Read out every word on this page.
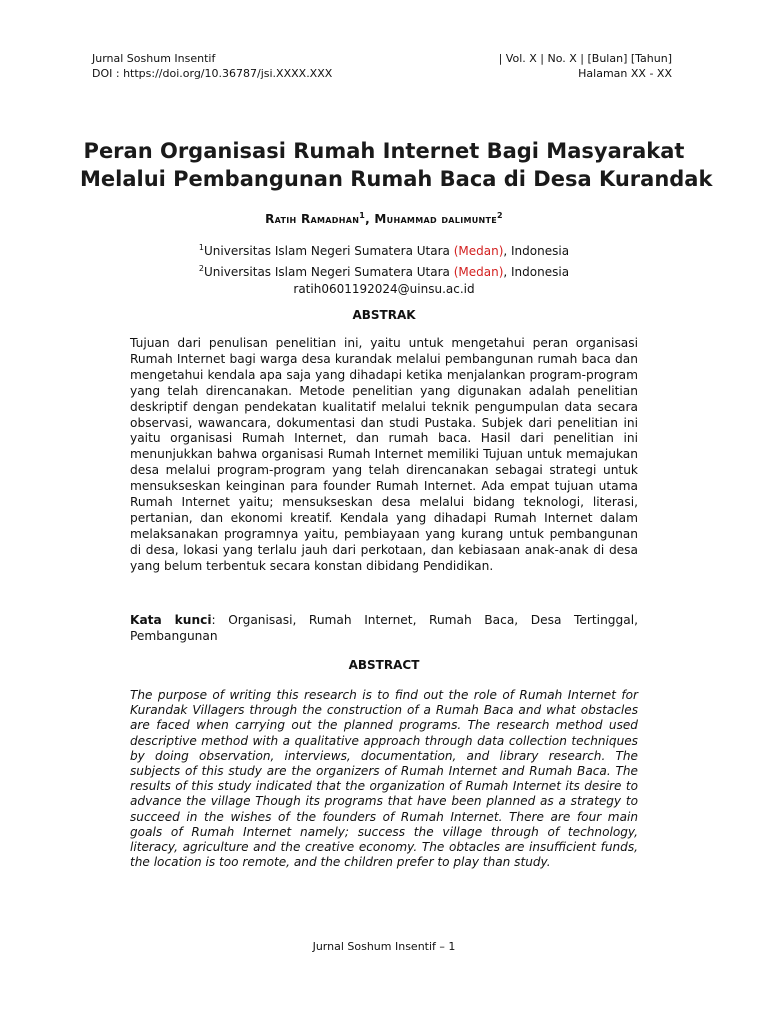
Jurnal Soshum Insentif
DOI : https://doi.org/10.36787/jsi.XXXX.XXX
| Vol. X | No. X | [Bulan] [Tahun]
Halaman XX - XX
Peran Organisasi Rumah Internet Bagi Masyarakat
Melalui Pembangunan Rumah Baca di Desa Kurandak
Ratih Ramadhan$^1$, Muhammad dalimunte$^2$
$^1$Universitas Islam Negeri Sumatera Utara (Medan), Indonesia
$^2$Universitas Islam Negeri Sumatera Utara (Medan), Indonesia
ratih0601192024@uinsu.ac.id
ABSTRAK
Tujuan dari penulisan penelitian ini, yaitu untuk mengetahui peran organisasi Rumah Internet bagi warga desa kurandak melalui pembangunan rumah baca dan mengetahui kendala apa saja yang dihadapi ketika menjalankan program-program yang telah direncanakan. Metode penelitian yang digunakan adalah penelitian deskriptif dengan pendekatan kualitatif melalui teknik pengumpulan data secara observasi, wawancara, dokumentasi dan studi Pustaka. Subjek dari penelitian ini yaitu organisasi Rumah Internet, dan rumah baca. Hasil dari penelitian ini menunjukkan bahwa organisasi Rumah Internet memiliki Tujuan untuk memajukan desa melalui program-program yang telah direncanakan sebagai strategi untuk mensukseskan keinginan para founder Rumah Internet. Ada empat tujuan utama Rumah Internet yaitu; mensukseskan desa melalui bidang teknologi, literasi, pertanian, dan ekonomi kreatif. Kendala yang dihadapi Rumah Internet dalam melaksanakan programnya yaitu, pembiayaan yang kurang untuk pembangunan di desa, lokasi yang terlalu jauh dari perkotaan, dan kebiasaan anak-anak di desa yang belum terbentuk secara konstan dibidang Pendidikan.
Kata kunci: Organisasi, Rumah Internet, Rumah Baca, Desa Tertinggal, Pembangunan
ABSTRACT
The purpose of writing this research is to find out the role of Rumah Internet for Kurandak Villagers through the construction of a Rumah Baca and what obstacles are faced when carrying out the planned programs. The research method used descriptive method with a qualitative approach through data collection techniques by doing observation, interviews, documentation, and library research. The subjects of this study are the organizers of Rumah Internet and Rumah Baca. The results of this study indicated that the organization of Rumah Internet its desire to advance the village Though its programs that have been planned as a strategy to succeed in the wishes of the founders of Rumah Internet. There are four main goals of Rumah Internet namely; success the village through of technology, literacy, agriculture and the creative economy. The obtacles are insufficient funds, the location is too remote, and the children prefer to play than study.
Jurnal Soshum Insentif – 1
